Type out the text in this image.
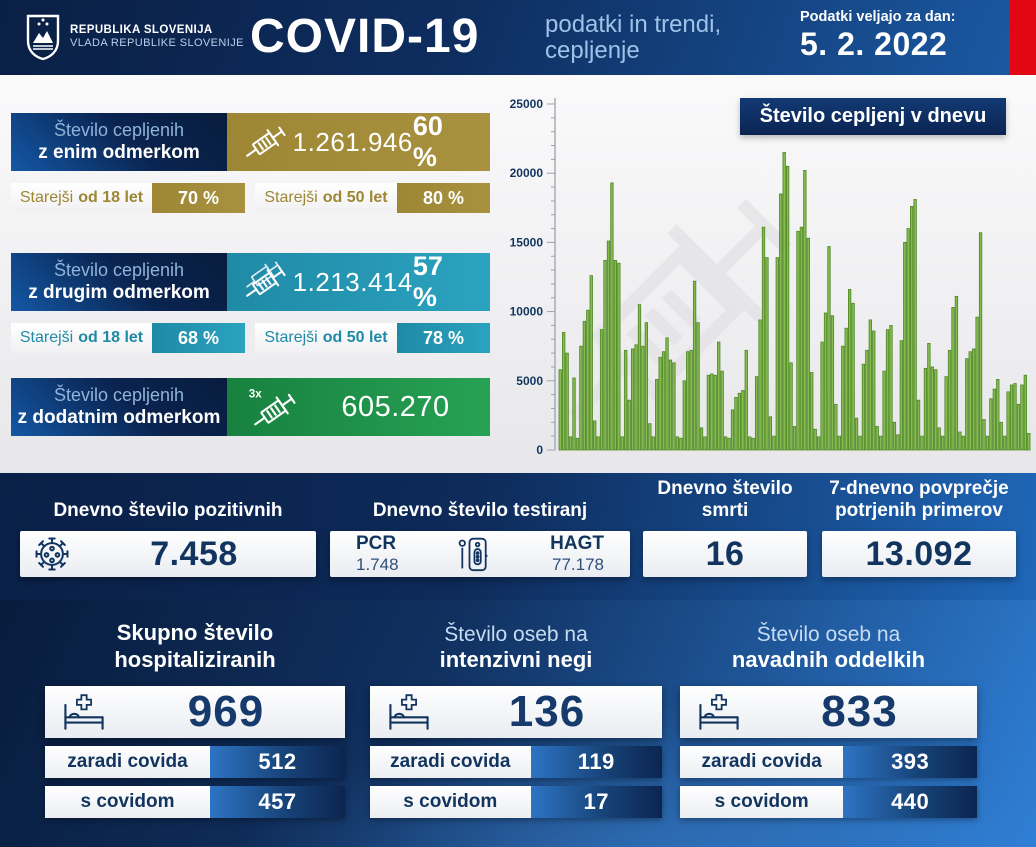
REPUBLIKA SLOVENIJA
VLADA REPUBLIKE SLOVENIJE COVID-19	podatki in trendi,
cepljenje
Podatki veljajo za dan:
5. 2. 2022
Število cepljenih
z enim odmerkom	1.261.946
60 %
Starejši od 18 let	70 %	Starejši od 50 let	80 %
Število cepljenih
z drugim odmerkom	1.213.414
57 %
Starejši od 18 let	68 %	Starejši od 50 let	78 %
Število cepljenih
z dodatnim odmerkom
3x	605.270
0
5000
10000
15000
20000
25000
Število cepljenj v dnevu
Dnevno število pozitivnih
7.458
Dnevno število testiranj
PCR
1.748
HAGT
77.178
Dnevno število smrti
16
7-dnevno povprečje
potrjenih primerov
13.092
Skupno število
hospitaliziranih
969
zaradi covida	512
s covidom	457
Število oseb na
intenzivni negi
136
zaradi covida	119
s covidom	17
Število oseb na
navadnih oddelkih
833
zaradi covida	393
s covidom	440
